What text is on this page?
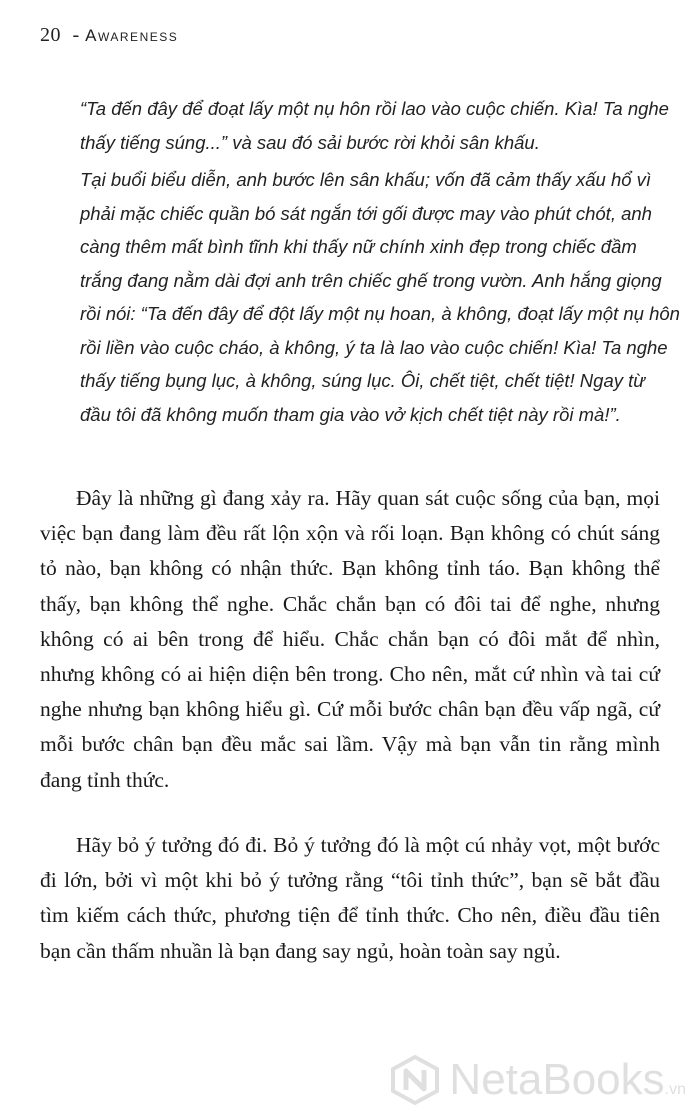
20 - Awareness

“Ta đến đây để đoạt lấy một nụ hôn rồi lao vào cuộc chiến. Kìa! Ta nghe thấy tiếng súng...” và sau đó sải bước rời khỏi sân khấu.

Tại buổi biểu diễn, anh bước lên sân khấu; vốn đã cảm thấy xấu hổ vì phải mặc chiếc quần bó sát ngắn tới gối được may vào phút chót, anh càng thêm mất bình tĩnh khi thấy nữ chính xinh đẹp trong chiếc đầm trắng đang nằm dài đợi anh trên chiếc ghế trong vườn. Anh hắng giọng rồi nói: “Ta đến đây để đột lấy một nụ hoan, à không, đoạt lấy một nụ hôn rồi liền vào cuộc cháo, à không, ý ta là lao vào cuộc chiến! Kìa! Ta nghe thấy tiếng bụng lục, à không, súng lục. Ôi, chết tiệt, chết tiệt! Ngay từ đầu tôi đã không muốn tham gia vào vở kịch chết tiệt này rồi mà!”.

Đây là những gì đang xảy ra. Hãy quan sát cuộc sống của bạn, mọi việc bạn đang làm đều rất lộn xộn và rối loạn. Bạn không có chút sáng tỏ nào, bạn không có nhận thức. Bạn không tỉnh táo. Bạn không thể thấy, bạn không thể nghe. Chắc chắn bạn có đôi tai để nghe, nhưng không có ai bên trong để hiểu. Chắc chắn bạn có đôi mắt để nhìn, nhưng không có ai hiện diện bên trong. Cho nên, mắt cứ nhìn và tai cứ nghe nhưng bạn không hiểu gì. Cứ mỗi bước chân bạn đều vấp ngã, cứ mỗi bước chân bạn đều mắc sai lầm. Vậy mà bạn vẫn tin rằng mình đang tỉnh thức.

Hãy bỏ ý tưởng đó đi. Bỏ ý tưởng đó là một cú nhảy vọt, một bước đi lớn, bởi vì một khi bỏ ý tưởng rằng “tôi tỉnh thức”, bạn sẽ bắt đầu tìm kiếm cách thức, phương tiện để tỉnh thức. Cho nên, điều đầu tiên bạn cần thấm nhuần là bạn đang say ngủ, hoàn toàn say ngủ.

NetaBooks.vn
